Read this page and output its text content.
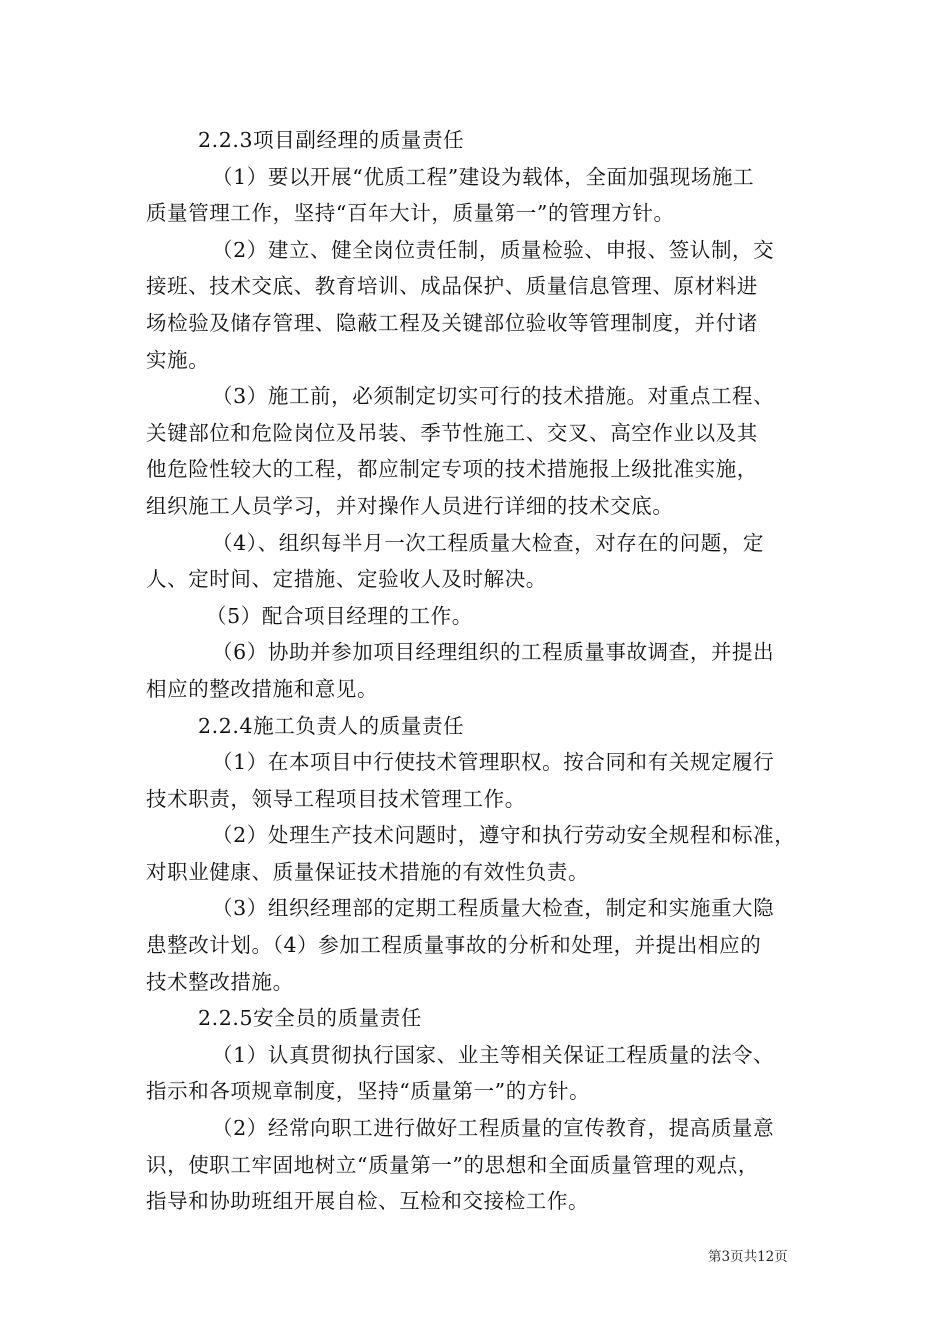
2.2.3项目副经理的质量责任
（1）要以开展“优质工程”建设为载体，全面加强现场施工
质量管理工作，坚持“百年大计，质量第一”的管理方针。
（2）建立、健全岗位责任制，质量检验、申报、签认制，交
接班、技术交底、教育培训、成品保护、质量信息管理、原材料进
场检验及储存管理、隐蔽工程及关键部位验收等管理制度，并付诸
实施。
（3）施工前，必须制定切实可行的技术措施。对重点工程、
关键部位和危险岗位及吊装、季节性施工、交叉、高空作业以及其
他危险性较大的工程，都应制定专项的技术措施报上级批准实施，
组织施工人员学习，并对操作人员进行详细的技术交底。
（4）、组织每半月一次工程质量大检查，对存在的问题，定
人、定时间、定措施、定验收人及时解决。
（5）配合项目经理的工作。
（6）协助并参加项目经理组织的工程质量事故调查，并提出
相应的整改措施和意见。
2.2.4施工负责人的质量责任
（1）在本项目中行使技术管理职权。按合同和有关规定履行
技术职责，领导工程项目技术管理工作。
（2）处理生产技术问题时，遵守和执行劳动安全规程和标准，
对职业健康、质量保证技术措施的有效性负责。
（3）组织经理部的定期工程质量大检查，制定和实施重大隐
患整改计划。（4）参加工程质量事故的分析和处理，并提出相应的
技术整改措施。
2.2.5安全员的质量责任
（1）认真贯彻执行国家、业主等相关保证工程质量的法令、
指示和各项规章制度，坚持“质量第一”的方针。
（2）经常向职工进行做好工程质量的宣传教育，提高质量意
识，使职工牢固地树立“质量第一”的思想和全面质量管理的观点，
指导和协助班组开展自检、互检和交接检工作。
第3页共12页
